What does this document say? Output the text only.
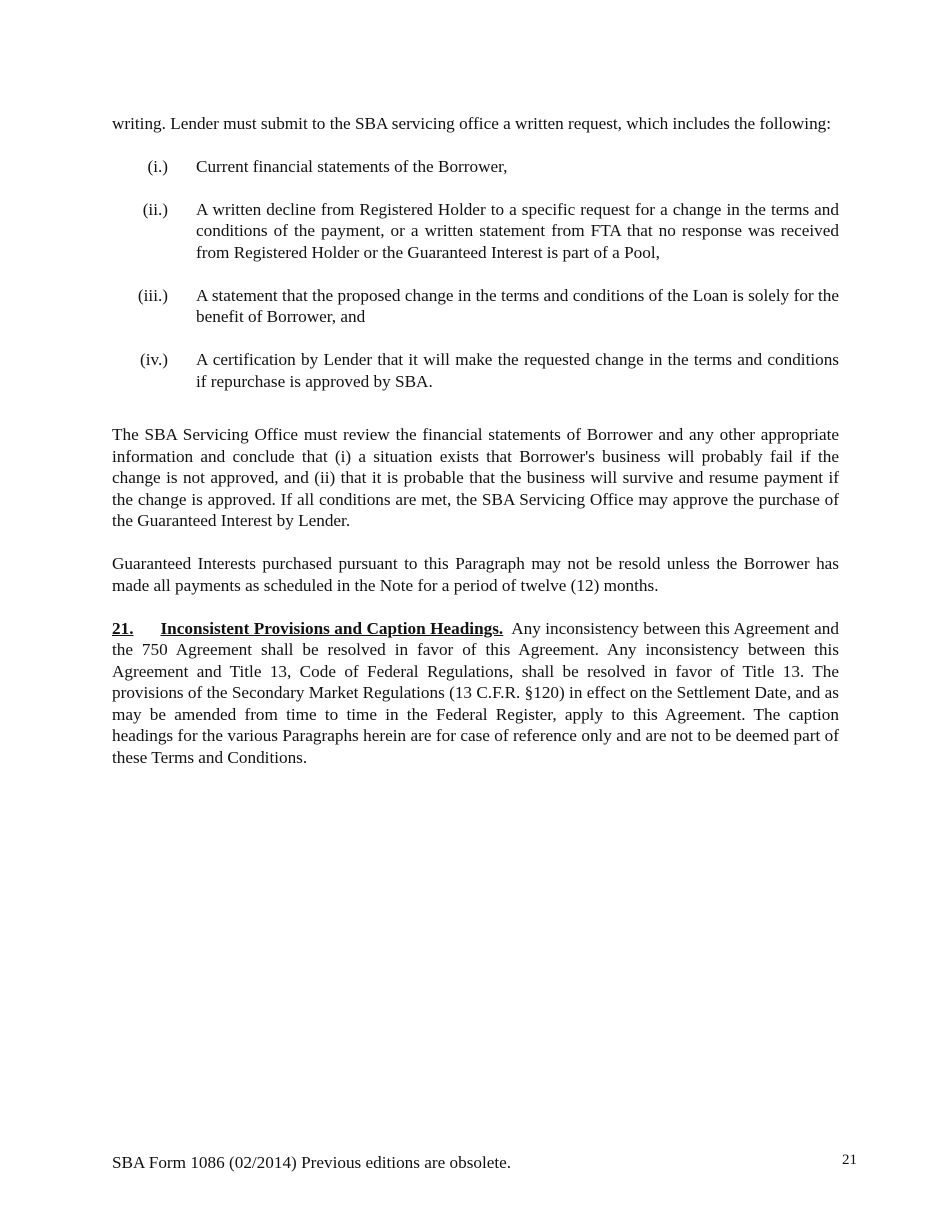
writing. Lender must submit to the SBA servicing office a written request, which includes the following:

(i.) Current financial statements of the Borrower,
(ii.) A written decline from Registered Holder to a specific request for a change in the terms and conditions of the payment, or a written statement from FTA that no response was received from Registered Holder or the Guaranteed Interest is part of a Pool,
(iii.) A statement that the proposed change in the terms and conditions of the Loan is solely for the benefit of Borrower, and
(iv.) A certification by Lender that it will make the requested change in the terms and conditions if repurchase is approved by SBA.

The SBA Servicing Office must review the financial statements of Borrower and any other appropriate information and conclude that (i) a situation exists that Borrower's business will probably fail if the change is not approved, and (ii) that it is probable that the business will survive and resume payment if the change is approved. If all conditions are met, the SBA Servicing Office may approve the purchase of the Guaranteed Interest by Lender.

Guaranteed Interests purchased pursuant to this Paragraph may not be resold unless the Borrower has made all payments as scheduled in the Note for a period of twelve (12) months.

21. Inconsistent Provisions and Caption Headings. Any inconsistency between this Agreement and the 750 Agreement shall be resolved in favor of this Agreement. Any inconsistency between this Agreement and Title 13, Code of Federal Regulations, shall be resolved in favor of Title 13. The provisions of the Secondary Market Regulations (13 C.F.R. §120) in effect on the Settlement Date, and as may be amended from time to time in the Federal Register, apply to this Agreement. The caption headings for the various Paragraphs herein are for case of reference only and are not to be deemed part of these Terms and Conditions.

SBA Form 1086 (02/2014) Previous editions are obsolete.	21
